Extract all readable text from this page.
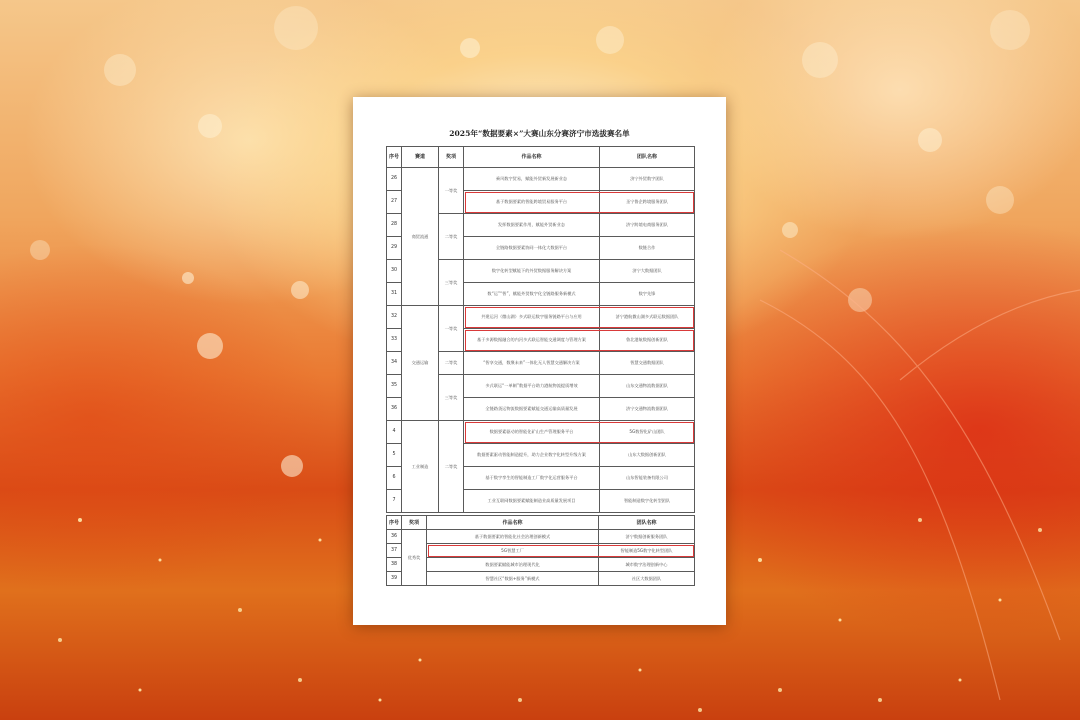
2025年“数据要素×”大赛山东分赛济宁市选拔赛名单
序号	赛道	奖项	作品名称	团队名称
26	商贸流通	一等奖	乘风数字贸易，赋能外贸新发展新业态	济宁外贸数字团队
27			基于数据要素的智能跨境贸易服务平台	圣宁鲁企跨境服务团队
28		二等奖	发挥数据要素作用，赋能外贸新业态	济宁跨境电商服务团队
29			全链路数据要素协同一体化大数据平台	数链合作
30		三等奖	数字化转型赋能下的外贸数据服务解决方案	济宁大数据团队
31			数“运”“智”，赋能外贸数字化全链路服务新模式	数字先锋
32	交通运输	一等奖	共建运河（微山湖）多式联运数字服务链路平台与应用	济宁港航微山湖多式联运数据团队
33			基于多源数据融合的内河多式联运智能交通调度与管理方案	鲁北港航数据创新团队
34		二等奖	“智享交通，数聚未来”一体化无人智慧交通解决方案	智慧交通数据团队
35		三等奖	多式联运“一单制”数据平台助力港航物流提质增效	山东交通物流数据团队
36			全链路货运物流数据要素赋能交通运输高质量发展	济宁交通物流数据团队
4	工业制造	二等奖	数据要素驱动的智能化矿山生产管理服务平台	5G数智化矿山团队
5			数据要素驱动智能制造提升，助力企业数字化转型升级方案	山东大数据创新团队
6			基于数字孪生的智能制造工厂数字化运营服务平台	山东智能装备有限公司
7			工业互联网数据要素赋能制造业高质量发展项目	智能制造数字化转型团队
序号	奖项	作品名称	团队名称
36	优秀奖	基于数据要素的智能化社会治理创新模式	济宁数据创新服务团队
37		5G智慧工厂	智能制造5G数字化转型团队
38		数据要素赋能城市治理现代化	城市数字治理创新中心
39		智慧社区“数据+服务”新模式	社区大数据团队
